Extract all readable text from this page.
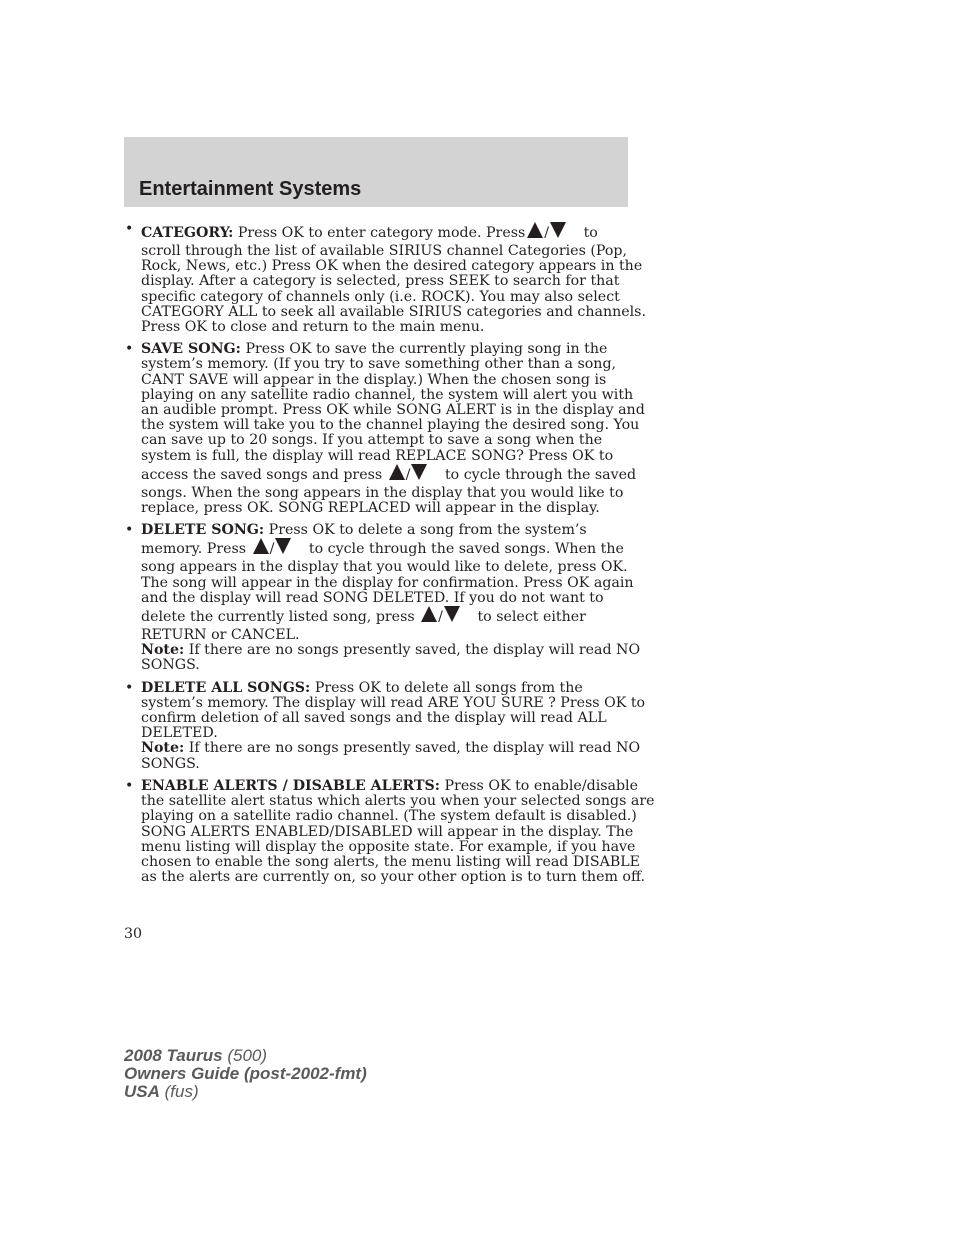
Entertainment Systems
• CATEGORY: Press OK to enter category mode. Press / to
scroll through the list of available SIRIUS channel Categories (Pop,
Rock, News, etc.) Press OK when the desired category appears in the
display. After a category is selected, press SEEK to search for that
specific category of channels only (i.e. ROCK). You may also select
CATEGORY ALL to seek all available SIRIUS categories and channels.
Press OK to close and return to the main menu.
• SAVE SONG: Press OK to save the currently playing song in the
system’s memory. (If you try to save something other than a song,
CANT SAVE will appear in the display.) When the chosen song is
playing on any satellite radio channel, the system will alert you with
an audible prompt. Press OK while SONG ALERT is in the display and
the system will take you to the channel playing the desired song. You
can save up to 20 songs. If you attempt to save a song when the
system is full, the display will read REPLACE SONG? Press OK to
access the saved songs and press / to cycle through the saved
songs. When the song appears in the display that you would like to
replace, press OK. SONG REPLACED will appear in the display.
• DELETE SONG: Press OK to delete a song from the system’s
memory. Press / to cycle through the saved songs. When the
song appears in the display that you would like to delete, press OK.
The song will appear in the display for confirmation. Press OK again
and the display will read SONG DELETED. If you do not want to
delete the currently listed song, press / to select either
RETURN or CANCEL.
Note: If there are no songs presently saved, the display will read NO
SONGS.
• DELETE ALL SONGS: Press OK to delete all songs from the
system’s memory. The display will read ARE YOU SURE ? Press OK to
confirm deletion of all saved songs and the display will read ALL
DELETED.
Note: If there are no songs presently saved, the display will read NO
SONGS.
• ENABLE ALERTS / DISABLE ALERTS: Press OK to enable/disable
the satellite alert status which alerts you when your selected songs are
playing on a satellite radio channel. (The system default is disabled.)
SONG ALERTS ENABLED/DISABLED will appear in the display. The
menu listing will display the opposite state. For example, if you have
chosen to enable the song alerts, the menu listing will read DISABLE
as the alerts are currently on, so your other option is to turn them off.
30
2008 Taurus (500)
Owners Guide (post-2002-fmt)
USA (fus)
